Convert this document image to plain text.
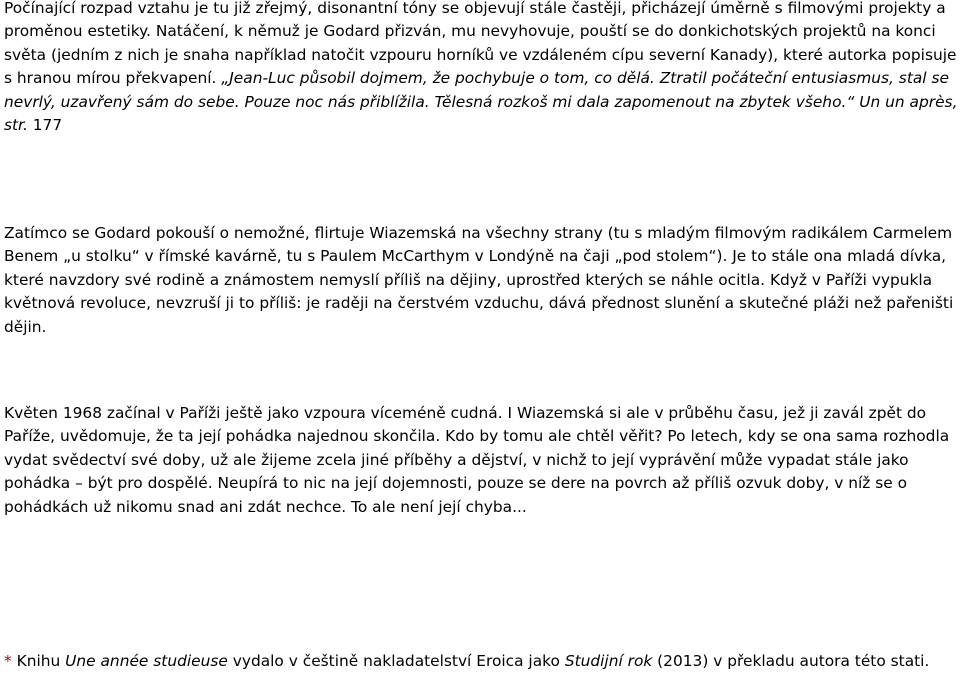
Počínající rozpad vztahu je tu již zřejmý, disonantní tóny se objevují stále častěji, přicházejí úměrně s filmovými projekty a proměnou estetiky. Natáčení, k němuž je Godard přizván, mu nevyhovuje, pouští se do donkichotských projektů na konci světa (jedním z nich je snaha například natočit vzpouru horníků ve vzdáleném cípu severní Kanady), které autorka popisuje s hranou mírou překvapení. „Jean-Luc působil dojmem, že pochybuje o tom, co dělá. Ztratil počáteční entusiasmus, stal se nevrlý, uzavřený sám do sebe. Pouze noc nás přiblížila. Tělesná rozkoš mi dala zapomenout na zbytek všeho.“ Un un après, str. 177

Zatímco se Godard pokouší o nemožné, flirtuje Wiazemská na všechny strany (tu s mladým filmovým radikálem Carmelem Benem „u stolku“ v římské kavárně, tu s Paulem McCarthym v Londýně na čaji „pod stolem“). Je to stále ona mladá dívka, které navzdory své rodině a známostem nemyslí příliš na dějiny, uprostřed kterých se náhle ocitla. Když v Paříži vypukla květnová revoluce, nevzruší ji to příliš: je raději na čerstvém vzduchu, dává přednost slunění a skutečné pláži než pařeništi dějin.

Květen 1968 začínal v Paříži ještě jako vzpoura víceméně cudná. I Wiazemská si ale v průběhu času, jež ji zavál zpět do Paříže, uvědomuje, že ta její pohádka najednou skončila. Kdo by tomu ale chtěl věřit? Po letech, kdy se ona sama rozhodla vydat svědectví své doby, už ale žijeme zcela jiné příběhy a dějství, v nichž to její vyprávění může vypadat stále jako pohádka – být pro dospělé. Neupírá to nic na její dojemnosti, pouze se dere na povrch až příliš ozvuk doby, v níž se o pohádkách už nikomu snad ani zdát nechce. To ale není její chyba...

* Knihu Une année studieuse vydalo v češtině nakladatelství Eroica jako Studijní rok (2013) v překladu autora této stati.
